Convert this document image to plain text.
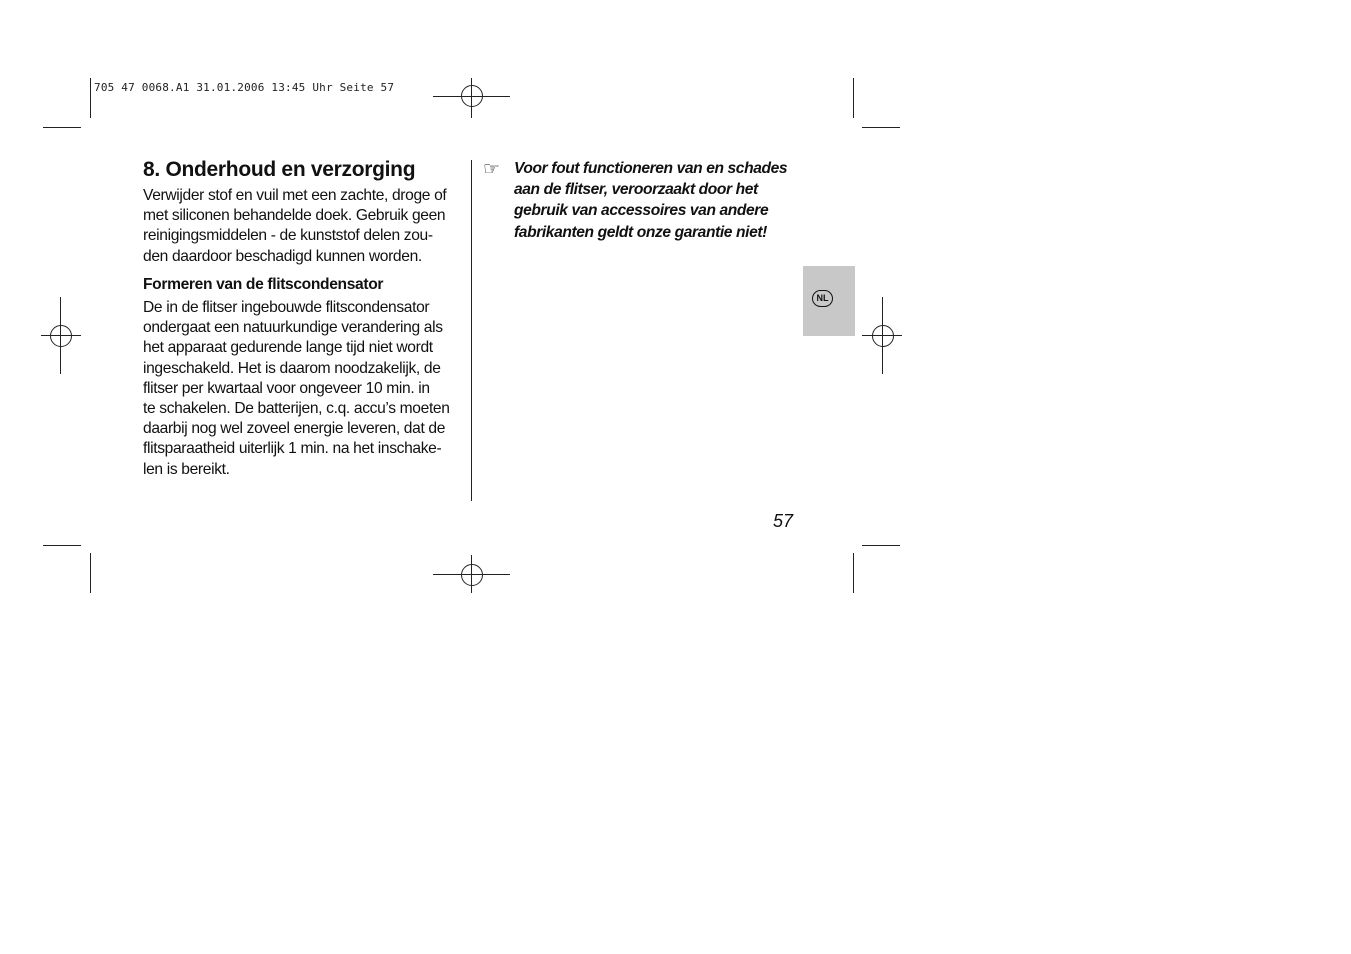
705 47 0068.A1 31.01.2006 13:45 Uhr Seite 57
8. Onderhoud en verzorging

Verwijder stof en vuil met een zachte, droge of
met siliconen behandelde doek. Gebruik geen
reinigingsmiddelen - de kunststof delen zou-
den daardoor beschadigd kunnen worden.

Formeren van de flitscondensator

De in de flitser ingebouwde flitscondensator
ondergaat een natuurkundige verandering als
het apparaat gedurende lange tijd niet wordt
ingeschakeld. Het is daarom noodzakelijk, de
flitser per kwartaal voor ongeveer 10 min. in
te schakelen. De batterijen, c.q. accu’s moeten
daarbij nog wel zoveel energie leveren, dat de
flitsparaatheid uiterlijk 1 min. na het inschake-
len is bereikt.

☞ Voor fout functioneren van en schades
aan de flitser, veroorzaakt door het
gebruik van accessoires van andere
fabrikanten geldt onze garantie niet!

NL
57
